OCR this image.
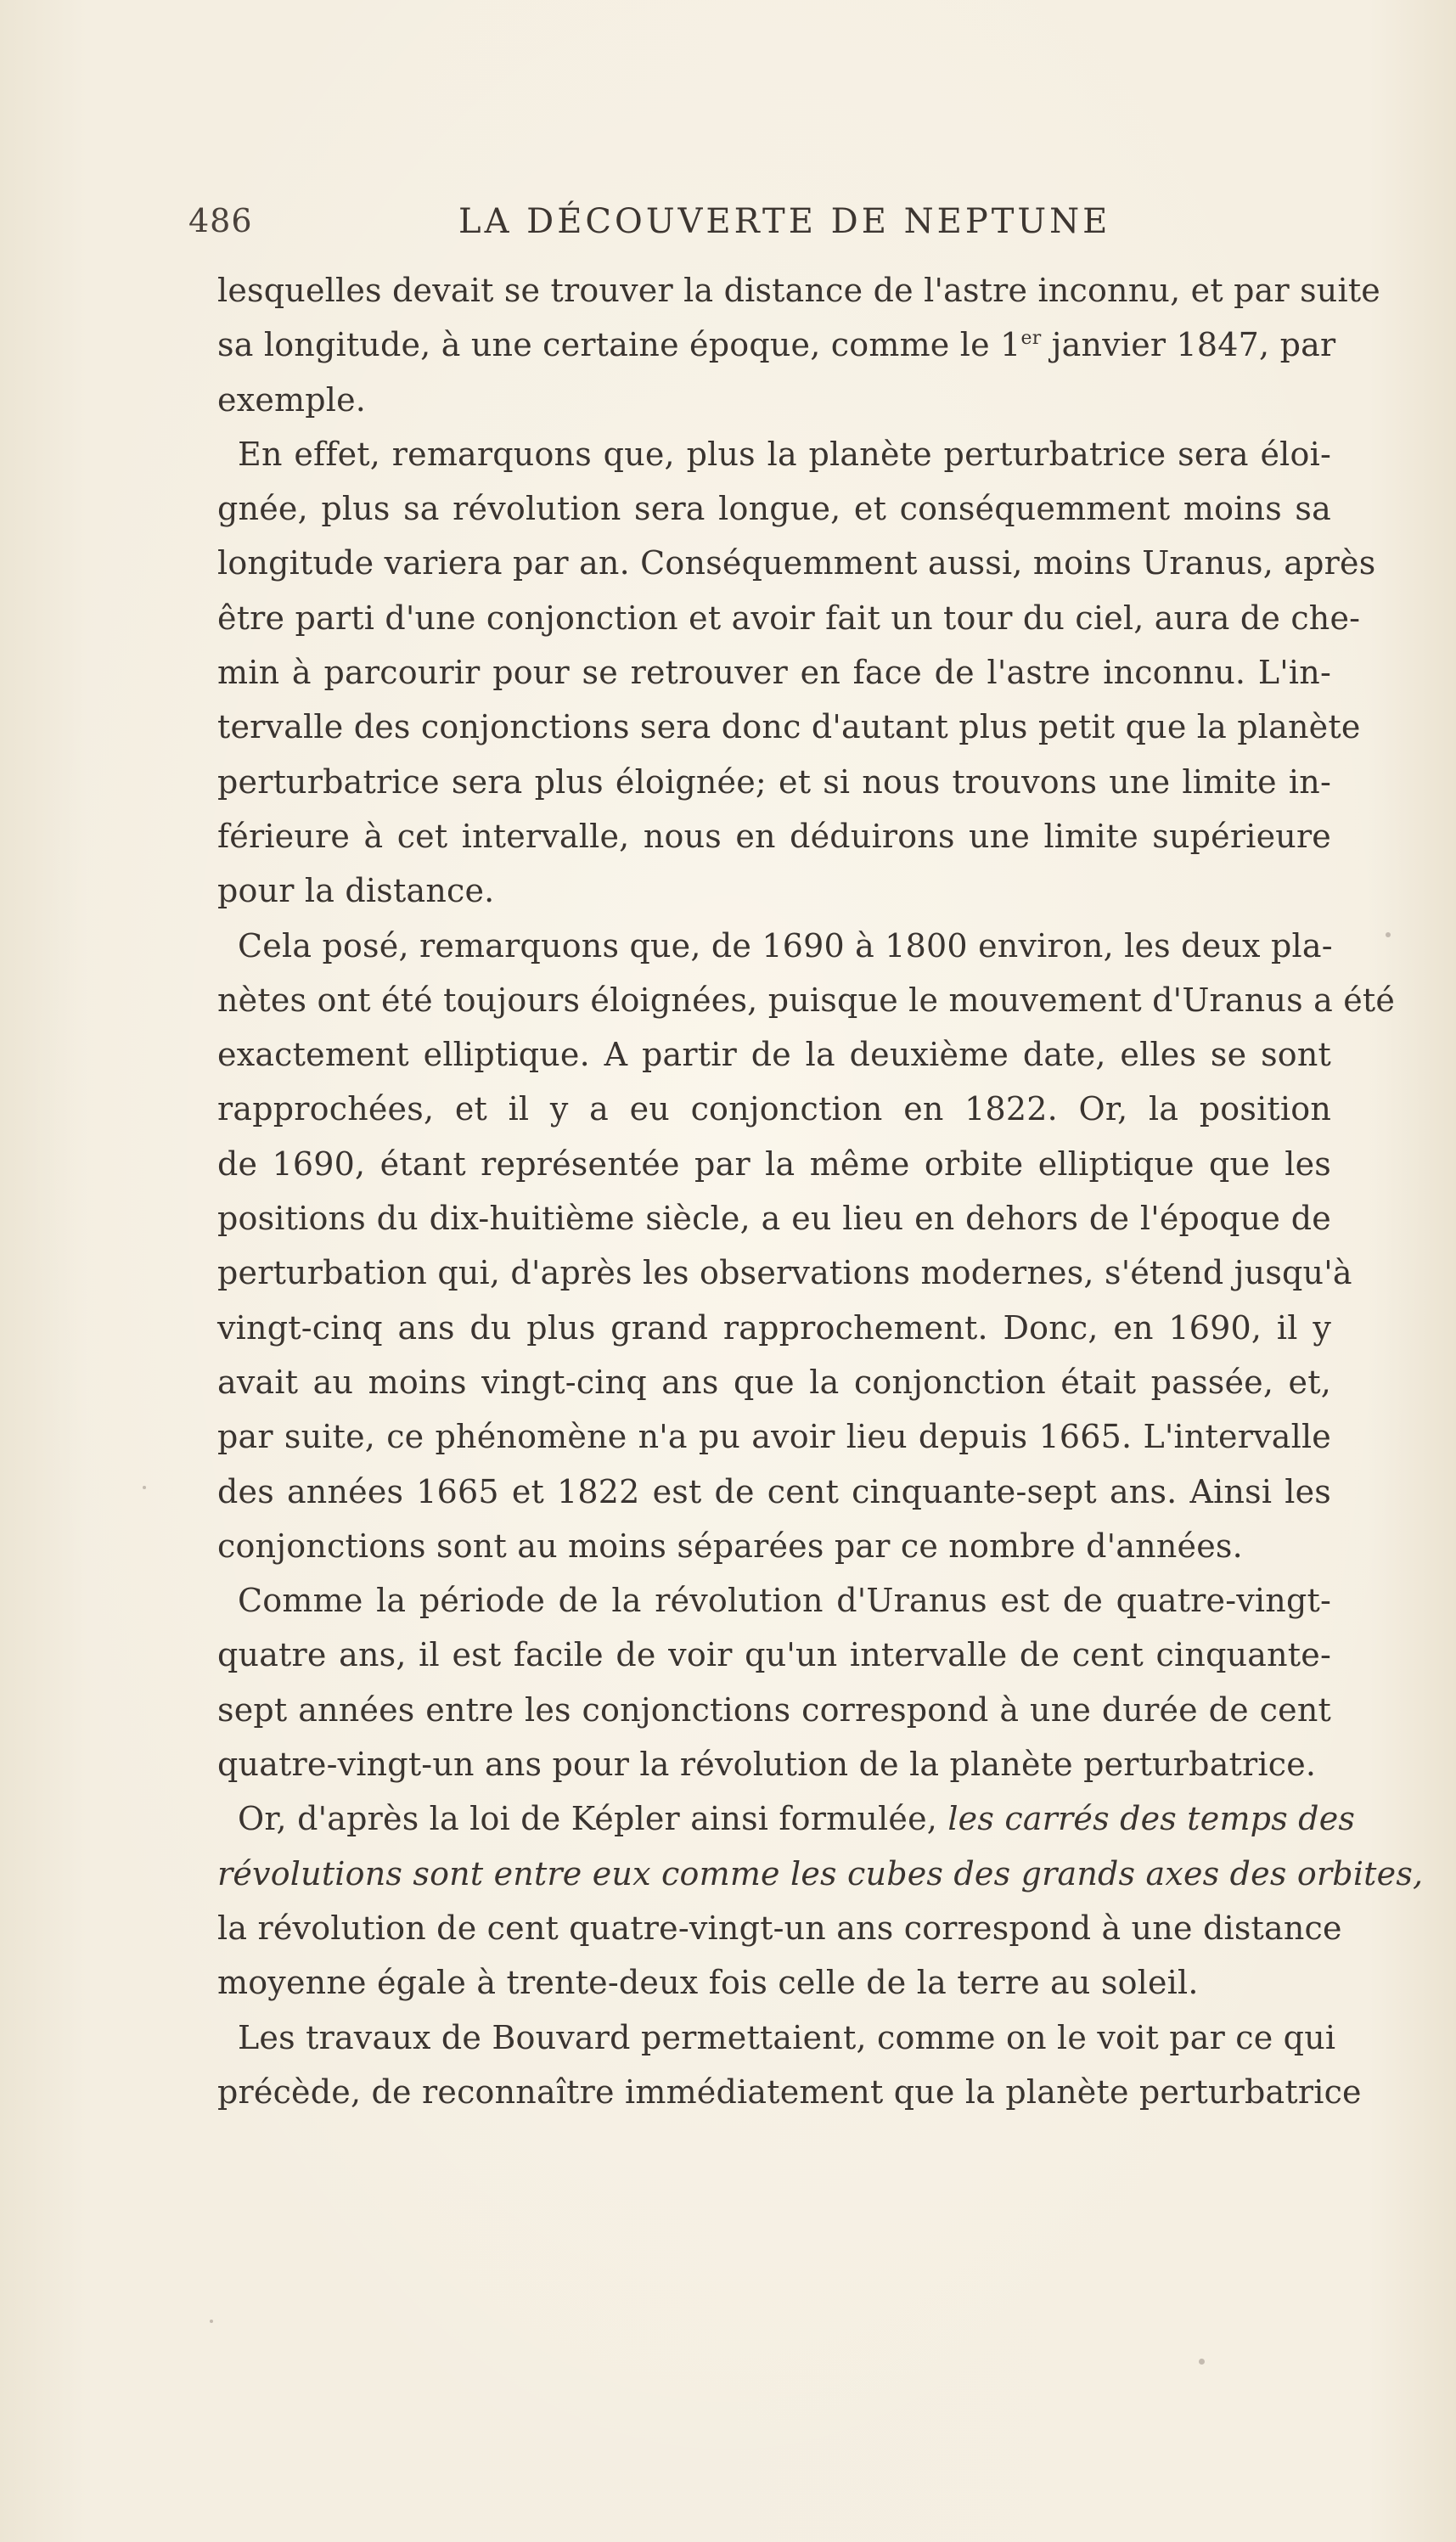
486	LA DÉCOUVERTE DE NEPTUNE
lesquelles devait se trouver la distance de l'astre inconnu, et par suite
sa longitude, à une certaine époque, comme le 1er janvier 1847, par
exemple.
En effet, remarquons que, plus la planète perturbatrice sera éloi-
gnée, plus sa révolution sera longue, et conséquemment moins sa
longitude variera par an. Conséquemment aussi, moins Uranus, après
être parti d'une conjonction et avoir fait un tour du ciel, aura de che-
min à parcourir pour se retrouver en face de l'astre inconnu. L'in-
tervalle des conjonctions sera donc d'autant plus petit que la planète
perturbatrice sera plus éloignée; et si nous trouvons une limite in-
férieure à cet intervalle, nous en déduirons une limite supérieure
pour la distance.
Cela posé, remarquons que, de 1690 à 1800 environ, les deux pla-
nètes ont été toujours éloignées, puisque le mouvement d'Uranus a été
exactement elliptique. A partir de la deuxième date, elles se sont
rapprochées, et il y a eu conjonction en 1822. Or, la position
de 1690, étant représentée par la même orbite elliptique que les
positions du dix-huitième siècle, a eu lieu en dehors de l'époque de
perturbation qui, d'après les observations modernes, s'étend jusqu'à
vingt-cinq ans du plus grand rapprochement. Donc, en 1690, il y
avait au moins vingt-cinq ans que la conjonction était passée, et,
par suite, ce phénomène n'a pu avoir lieu depuis 1665. L'intervalle
des années 1665 et 1822 est de cent cinquante-sept ans. Ainsi les
conjonctions sont au moins séparées par ce nombre d'années.
Comme la période de la révolution d'Uranus est de quatre-vingt-
quatre ans, il est facile de voir qu'un intervalle de cent cinquante-
sept années entre les conjonctions correspond à une durée de cent
quatre-vingt-un ans pour la révolution de la planète perturbatrice.
Or, d'après la loi de Képler ainsi formulée, les carrés des temps des
révolutions sont entre eux comme les cubes des grands axes des orbites,
la révolution de cent quatre-vingt-un ans correspond à une distance
moyenne égale à trente-deux fois celle de la terre au soleil.
Les travaux de Bouvard permettaient, comme on le voit par ce qui
précède, de reconnaître immédiatement que la planète perturbatrice
